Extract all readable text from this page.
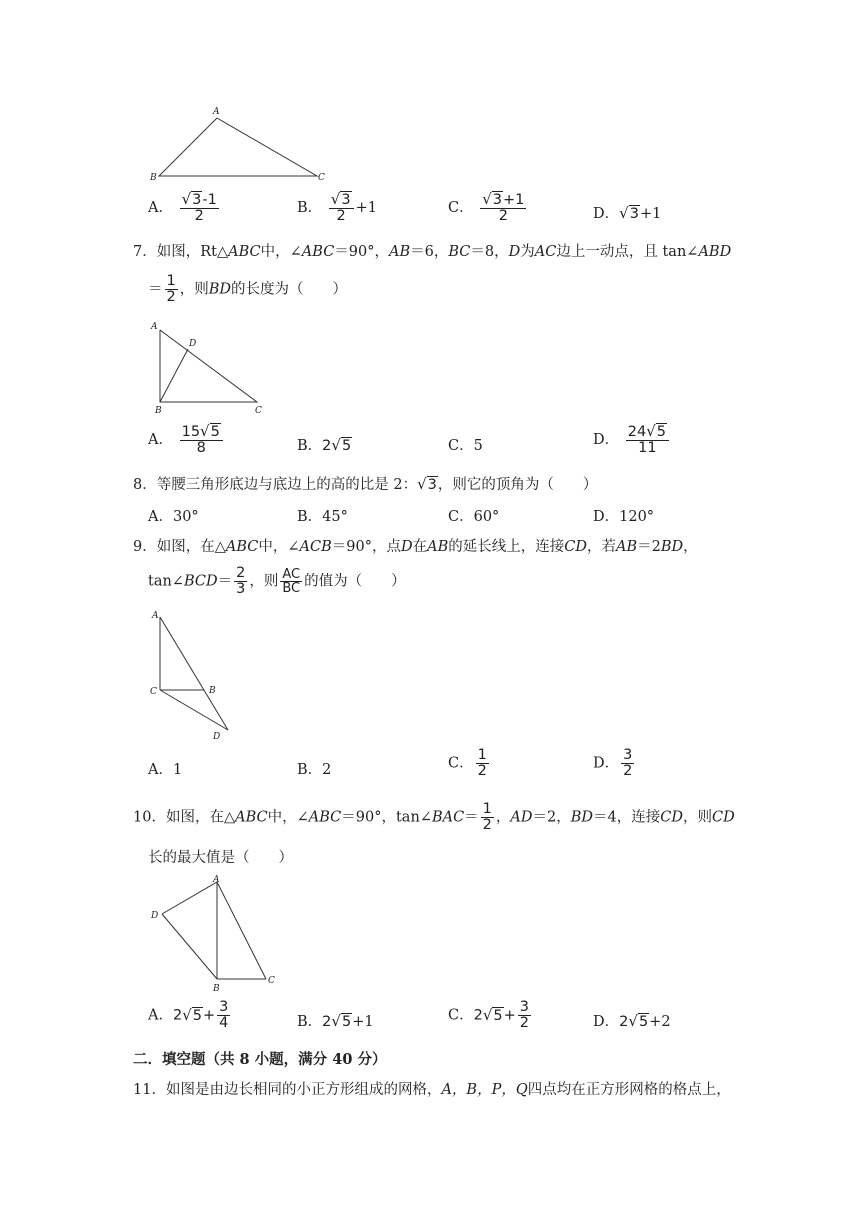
A
B	C
A． $\frac{√3-1}{2}$	B． $\frac{√3}{2} +1$	C． $\frac{√3+1}{2}$	D．√3+1
7．如图，Rt△ABC中，∠ABC＝90°，AB＝6，BC＝8，D为AC边上一动点，且 tan∠ABD
＝ $\frac{1}{2}$ ，则BD的长度为（　　）
A
D
B	C
A． $\frac{15√5}{8}$	B．2√5	C．5	D． $\frac{24√5}{11}$
8．等腰三角形底边与底边上的高的比是 2：√3，则它的顶角为（　　）
A．30°	B．45°	C．60°	D．120°
9．如图，在△ABC中，∠ACB＝90°，点D在AB的延长线上，连接CD，若AB＝2BD，
tan∠BCD＝ $\frac{2}{3}$ ，则 $\frac{AC}{BC}$ 的值为（　　）
A
C	B
D
A．1	B．2	C． $\frac{1}{2}$	D． $\frac{3}{2}$
10．如图，在△ABC中，∠ABC＝90°，tan∠BAC＝ $\frac{1}{2}$ ，AD＝2，BD＝4，连接CD，则CD
长的最大值是（　　）
A
D
B
C
A．$2√5+ \frac{3}{4}$	B．2√5+1	C．$2√5+ \frac{3}{2}$	D．2√5+2
二．填空题（共 8 小题，满分 40 分）
11．如图是由边长相同的小正方形组成的网格，A，B，P，Q四点均在正方形网格的格点上，
